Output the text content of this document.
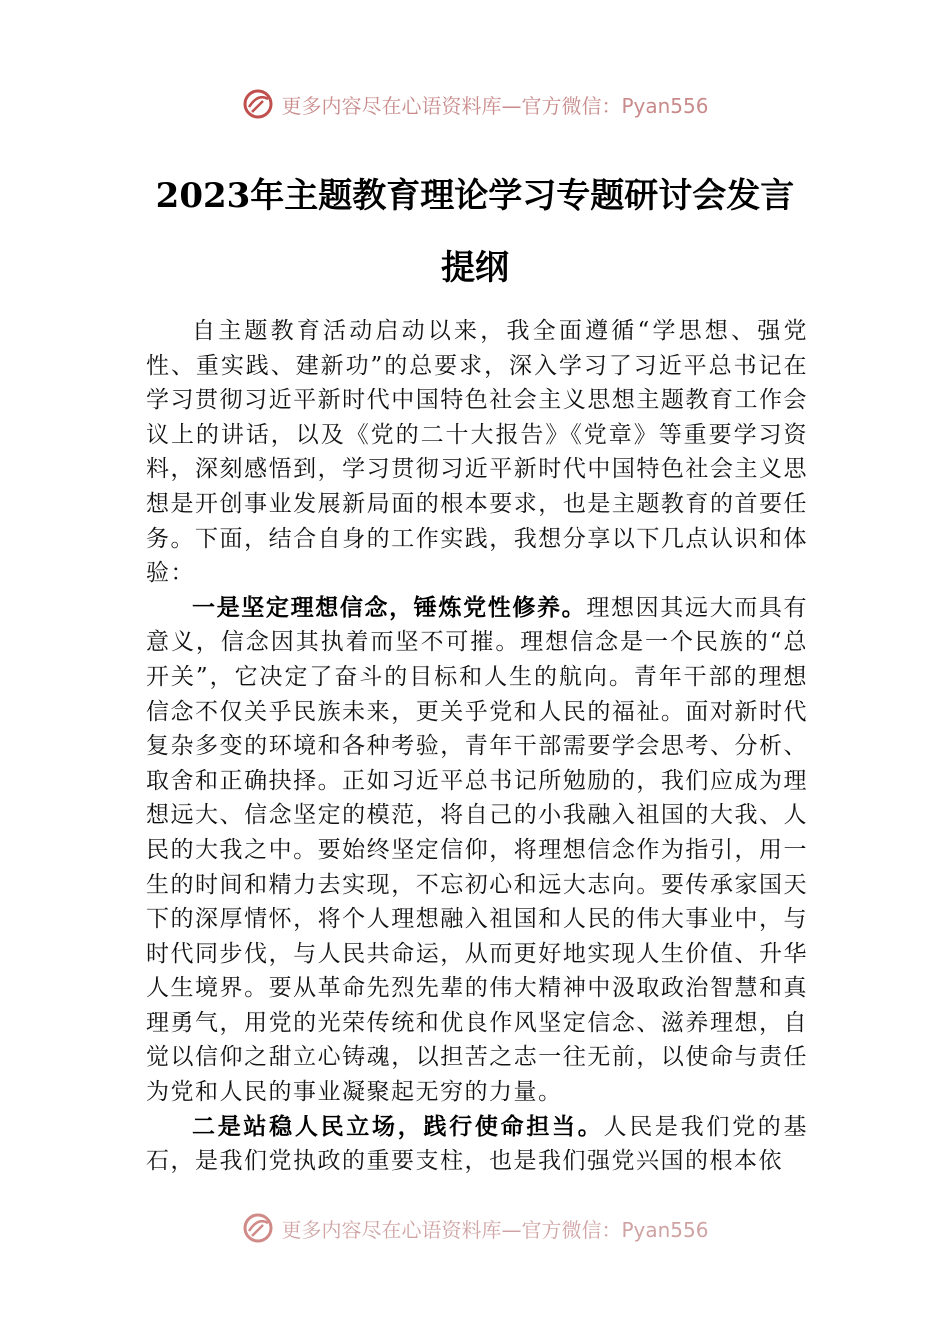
更多内容尽在心语资料库—官方微信：Pyan556
2023年主题教育理论学习专题研讨会发言
提纲

自主题教育活动启动以来，我全面遵循“学思想、强党性、重实践、建新功”的总要求，深入学习了习近平总书记在学习贯彻习近平新时代中国特色社会主义思想主题教育工作会议上的讲话，以及《党的二十大报告》《党章》等重要学习资料，深刻感悟到，学习贯彻习近平新时代中国特色社会主义思想是开创事业发展新局面的根本要求，也是主题教育的首要任务。下面，结合自身的工作实践，我想分享以下几点认识和体验：

一是坚定理想信念，锤炼党性修养。理想因其远大而具有意义，信念因其执着而坚不可摧。理想信念是一个民族的“总开关”，它决定了奋斗的目标和人生的航向。青年干部的理想信念不仅关乎民族未来，更关乎党和人民的福祉。面对新时代复杂多变的环境和各种考验，青年干部需要学会思考、分析、取舍和正确抉择。正如习近平总书记所勉励的，我们应成为理想远大、信念坚定的模范，将自己的小我融入祖国的大我、人民的大我之中。要始终坚定信仰，将理想信念作为指引，用一生的时间和精力去实现，不忘初心和远大志向。要传承家国天下的深厚情怀，将个人理想融入祖国和人民的伟大事业中，与时代同步伐，与人民共命运，从而更好地实现人生价值、升华人生境界。要从革命先烈先辈的伟大精神中汲取政治智慧和真理勇气，用党的光荣传统和优良作风坚定信念、滋养理想，自觉以信仰之甜立心铸魂，以担苦之志一往无前，以使命与责任为党和人民的事业凝聚起无穷的力量。

二是站稳人民立场，践行使命担当。人民是我们党的基石，是我们党执政的重要支柱，也是我们强党兴国的根本依

更多内容尽在心语资料库—官方微信：Pyan556
